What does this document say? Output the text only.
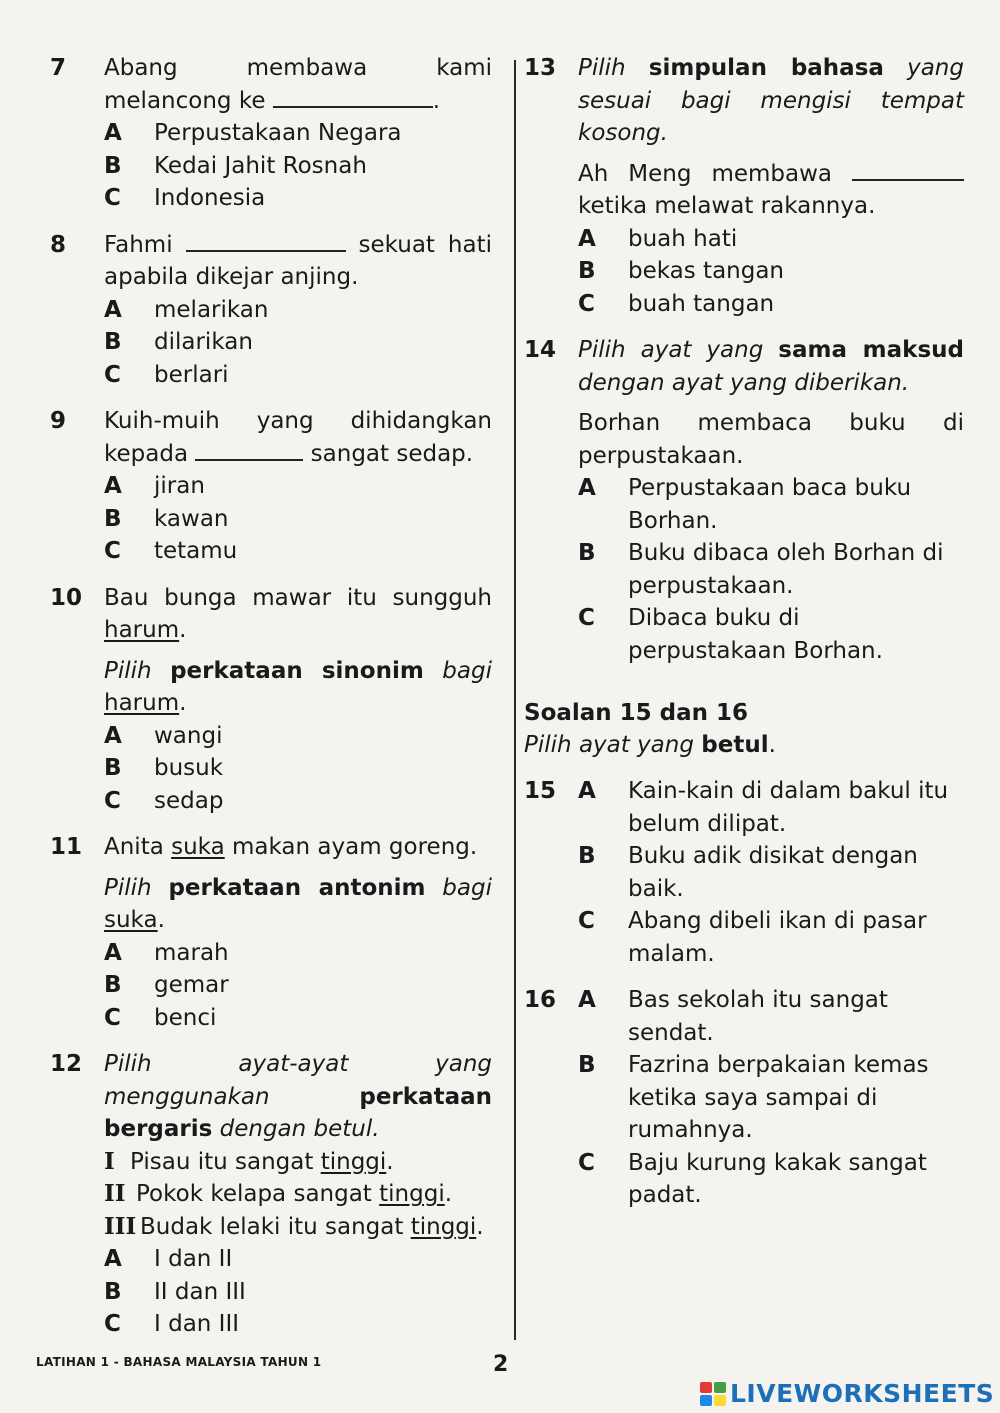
7 Abang membawa kami
melancong ke	.
A	Perpustakaan Negara
B	Kedai Jahit Rosnah
C	Indonesia
8 Fahmi	sekuat hati
apabila dikejar anjing.
A	melarikan
B	dilarikan
C	berlari
9 Kuih-muih yang dihidangkan
kepada	sangat sedap.
A	jiran
B	kawan
C	tetamu
10 Bau bunga mawar itu sungguh
harum.
Pilih perkataan sinonim bagi
harum.
A	wangi
B	busuk
C	sedap
11 Anita suka makan ayam goreng.
Pilih perkataan antonim bagi
suka.
A	marah
B	gemar
C	benci
12 Pilih ayat-ayat yang
menggunakan perkataan
bergaris dengan betul.
I Pisau itu sangat tinggi.
II Pokok kelapa sangat tinggi.
III Budak lelaki itu sangat tinggi.
A	I dan II
B	II dan III
C	I dan III
13 Pilih simpulan bahasa yang
sesuai bagi mengisi tempat
kosong.
Ah Meng membawa
ketika melawat rakannya.
A	buah hati
B	bekas tangan
C	buah tangan
14 Pilih ayat yang sama maksud
dengan ayat yang diberikan.
Borhan membaca buku di
perpustakaan.
A	Perpustakaan baca buku Borhan.
B	Buku dibaca oleh Borhan di perpustakaan.
C	Dibaca buku di perpustakaan Borhan.
Soalan 15 dan 16
Pilih ayat yang betul.
15 A	Kain-kain di dalam bakul itu belum dilipat.
B	Buku adik disikat dengan baik.
C	Abang dibeli ikan di pasar malam.
16 A	Bas sekolah itu sangat sendat.
B	Fazrina berpakaian kemas ketika saya sampai di rumahnya.
C	Baju kurung kakak sangat padat.
LATIHAN 1 - BAHASA MALAYSIA TAHUN 1	2
LIVEWORKSHEETS
